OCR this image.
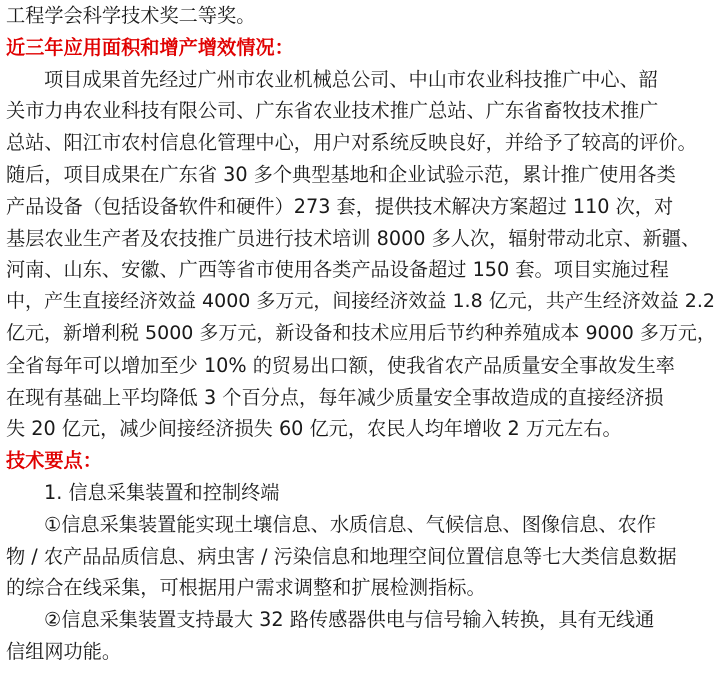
工程学会科学技术奖二等奖。
近三年应用面积和增产增效情况：
项目成果首先经过广州市农业机械总公司、中山市农业科技推广中心、韶
关市力冉农业科技有限公司、广东省农业技术推广总站、广东省畜牧技术推广
总站、阳江市农村信息化管理中心，用户对系统反映良好，并给予了较高的评价。
随后，项目成果在广东省 30 多个典型基地和企业试验示范，累计推广使用各类
产品设备（包括设备软件和硬件）273 套，提供技术解决方案超过 110 次，对
基层农业生产者及农技推广员进行技术培训 8000 多人次，辐射带动北京、新疆、
河南、山东、安徽、广西等省市使用各类产品设备超过 150 套。项目实施过程
中，产生直接经济效益 4000 多万元，间接经济效益 1.8 亿元，共产生经济效益 2.2
亿元，新增利税 5000 多万元，新设备和技术应用后节约种养殖成本 9000 多万元，
全省每年可以增加至少 10% 的贸易出口额，使我省农产品质量安全事故发生率
在现有基础上平均降低 3 个百分点，每年减少质量安全事故造成的直接经济损
失 20 亿元，减少间接经济损失 60 亿元，农民人均年增收 2 万元左右。
技术要点：
1. 信息采集装置和控制终端
①信息采集装置能实现土壤信息、水质信息、气候信息、图像信息、农作
物 / 农产品品质信息、病虫害 / 污染信息和地理空间位置信息等七大类信息数据
的综合在线采集，可根据用户需求调整和扩展检测指标。
②信息采集装置支持最大 32 路传感器供电与信号输入转换，具有无线通
信组网功能。
